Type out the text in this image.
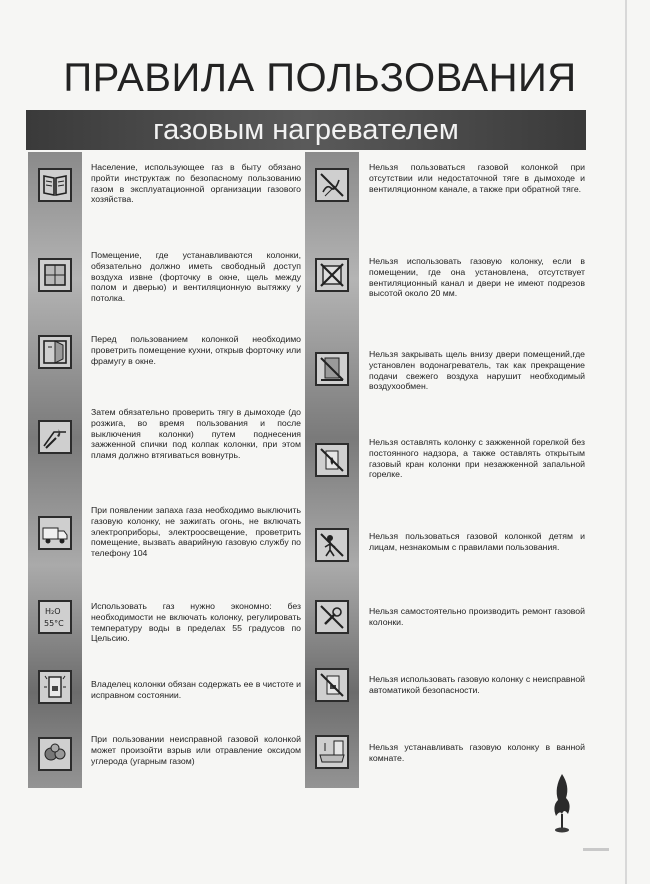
ПРАВИЛА ПОЛЬЗОВАНИЯ
газовым нагревателем
H₂O
55°С
Население, использующее газ в быту обязано пройти инструктаж по безопасному пользованию газом в эксплуатационной организации газового хозяйства.
Помещение, где устанавливаются колонки, обязательно должно иметь свободный доступ воздуха извне (форточку в окне, щель между полом и дверью) и вентиляционную вытяжку у потолка.
Перед пользованием колонкой необходимо проветрить помещение кухни, открыв форточку или фрамугу в окне.
Затем обязательно проверить тягу в дымоходе (до розжига, во время пользования и после выключения колонки) путем поднесения зажженной спички под колпак колонки, при этом пламя должно втягиваться вовнутрь.
При появлении запаха газа необходимо выключить газовую колонку, не зажигать огонь, не включать электроприборы, электроосвещение, проветрить помещение, вызвать аварийную газовую службу по телефону 104
Использовать газ нужно экономно: без необходимости не включать колонку, регулировать температуру воды в пределах 55 градусов по Цельсию.
Владелец колонки обязан содержать ее в чистоте и исправном состоянии.
При пользовании неисправной газовой колонкой может произойти взрыв или отравление оксидом углерода (угарным газом)
Нельзя пользоваться газовой колонкой при отсутствии или недостаточной тяге в дымоходе и вентиляционном канале, а также при обратной тяге.
Нельзя использовать газовую колонку, если в помещении, где она установлена, отсутствует вентиляционный канал и двери не имеют подрезов высотой около 20 мм.
Нельзя закрывать щель внизу двери помещений,где установлен водонагреватель, так как прекращение подачи свежего воздуха нарушит необходимый воздухообмен.
Нельзя оставлять колонку с зажженной горелкой без постоянного надзора, а также оставлять открытым газовый кран колонки при незажженной запальной горелке.
Нельзя пользоваться газовой колонкой детям и лицам, незнакомым с правилами пользования.
Нельзя самостоятельно производить ремонт газовой колонки.
Нельзя использовать газовую колонку с неисправной автоматикой безопасности.
Нельзя устанавливать газовую колонку в ванной комнате.
